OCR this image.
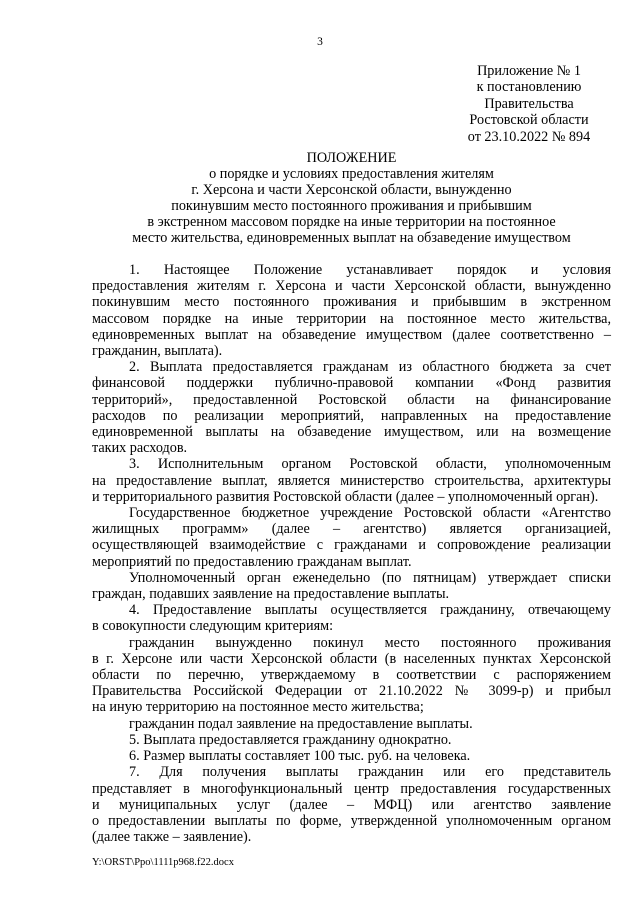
3
Приложение № 1
к постановлению
Правительства
Ростовской области
от 23.10.2022 № 894
ПОЛОЖЕНИЕ
о порядке и условиях предоставления жителям
г. Херсона и части Херсонской области, вынужденно
покинувшим место постоянного проживания и прибывшим
в экстренном массовом порядке на иные территории на постоянное
место жительства, единовременных выплат на обзаведение имуществом
1. Настоящее Положение устанавливает порядок и условия
предоставления жителям г. Херсона и части Херсонской области, вынужденно
покинувшим место постоянного проживания и прибывшим в экстренном
массовом порядке на иные территории на постоянное место жительства,
единовременных выплат на обзаведение имуществом (далее соответственно –
гражданин, выплата).
2. Выплата предоставляется гражданам из областного бюджета за счет
финансовой поддержки публично-правовой компании «Фонд развития
территорий», предоставленной Ростовской области на финансирование
расходов по реализации мероприятий, направленных на предоставление
единовременной выплаты на обзаведение имуществом, или на возмещение
таких расходов.
3. Исполнительным органом Ростовской области, уполномоченным
на предоставление выплат, является министерство строительства, архитектуры
и территориального развития Ростовской области (далее – уполномоченный орган).
Государственное бюджетное учреждение Ростовской области «Агентство
жилищных программ» (далее – агентство) является организацией,
осуществляющей взаимодействие с гражданами и сопровождение реализации
мероприятий по предоставлению гражданам выплат.
Уполномоченный орган еженедельно (по пятницам) утверждает списки
граждан, подавших заявление на предоставление выплаты.
4. Предоставление выплаты осуществляется гражданину, отвечающему
в совокупности следующим критериям:
гражданин вынужденно покинул место постоянного проживания
в г. Херсоне или части Херсонской области (в населенных пунктах Херсонской
области по перечню, утверждаемому в соответствии с распоряжением
Правительства Российской Федерации от 21.10.2022 № 3099-р) и прибыл
на иную территорию на постоянное место жительства;
гражданин подал заявление на предоставление выплаты.
5. Выплата предоставляется гражданину однократно.
6. Размер выплаты составляет 100 тыс. руб. на человека.
7. Для получения выплаты гражданин или его представитель
представляет в многофункциональный центр предоставления государственных
и муниципальных услуг (далее – МФЦ) или агентство заявление
о предоставлении выплаты по форме, утвержденной уполномоченным органом
(далее также – заявление).
Y:\ORST\Ppo\1111p968.f22.docx
